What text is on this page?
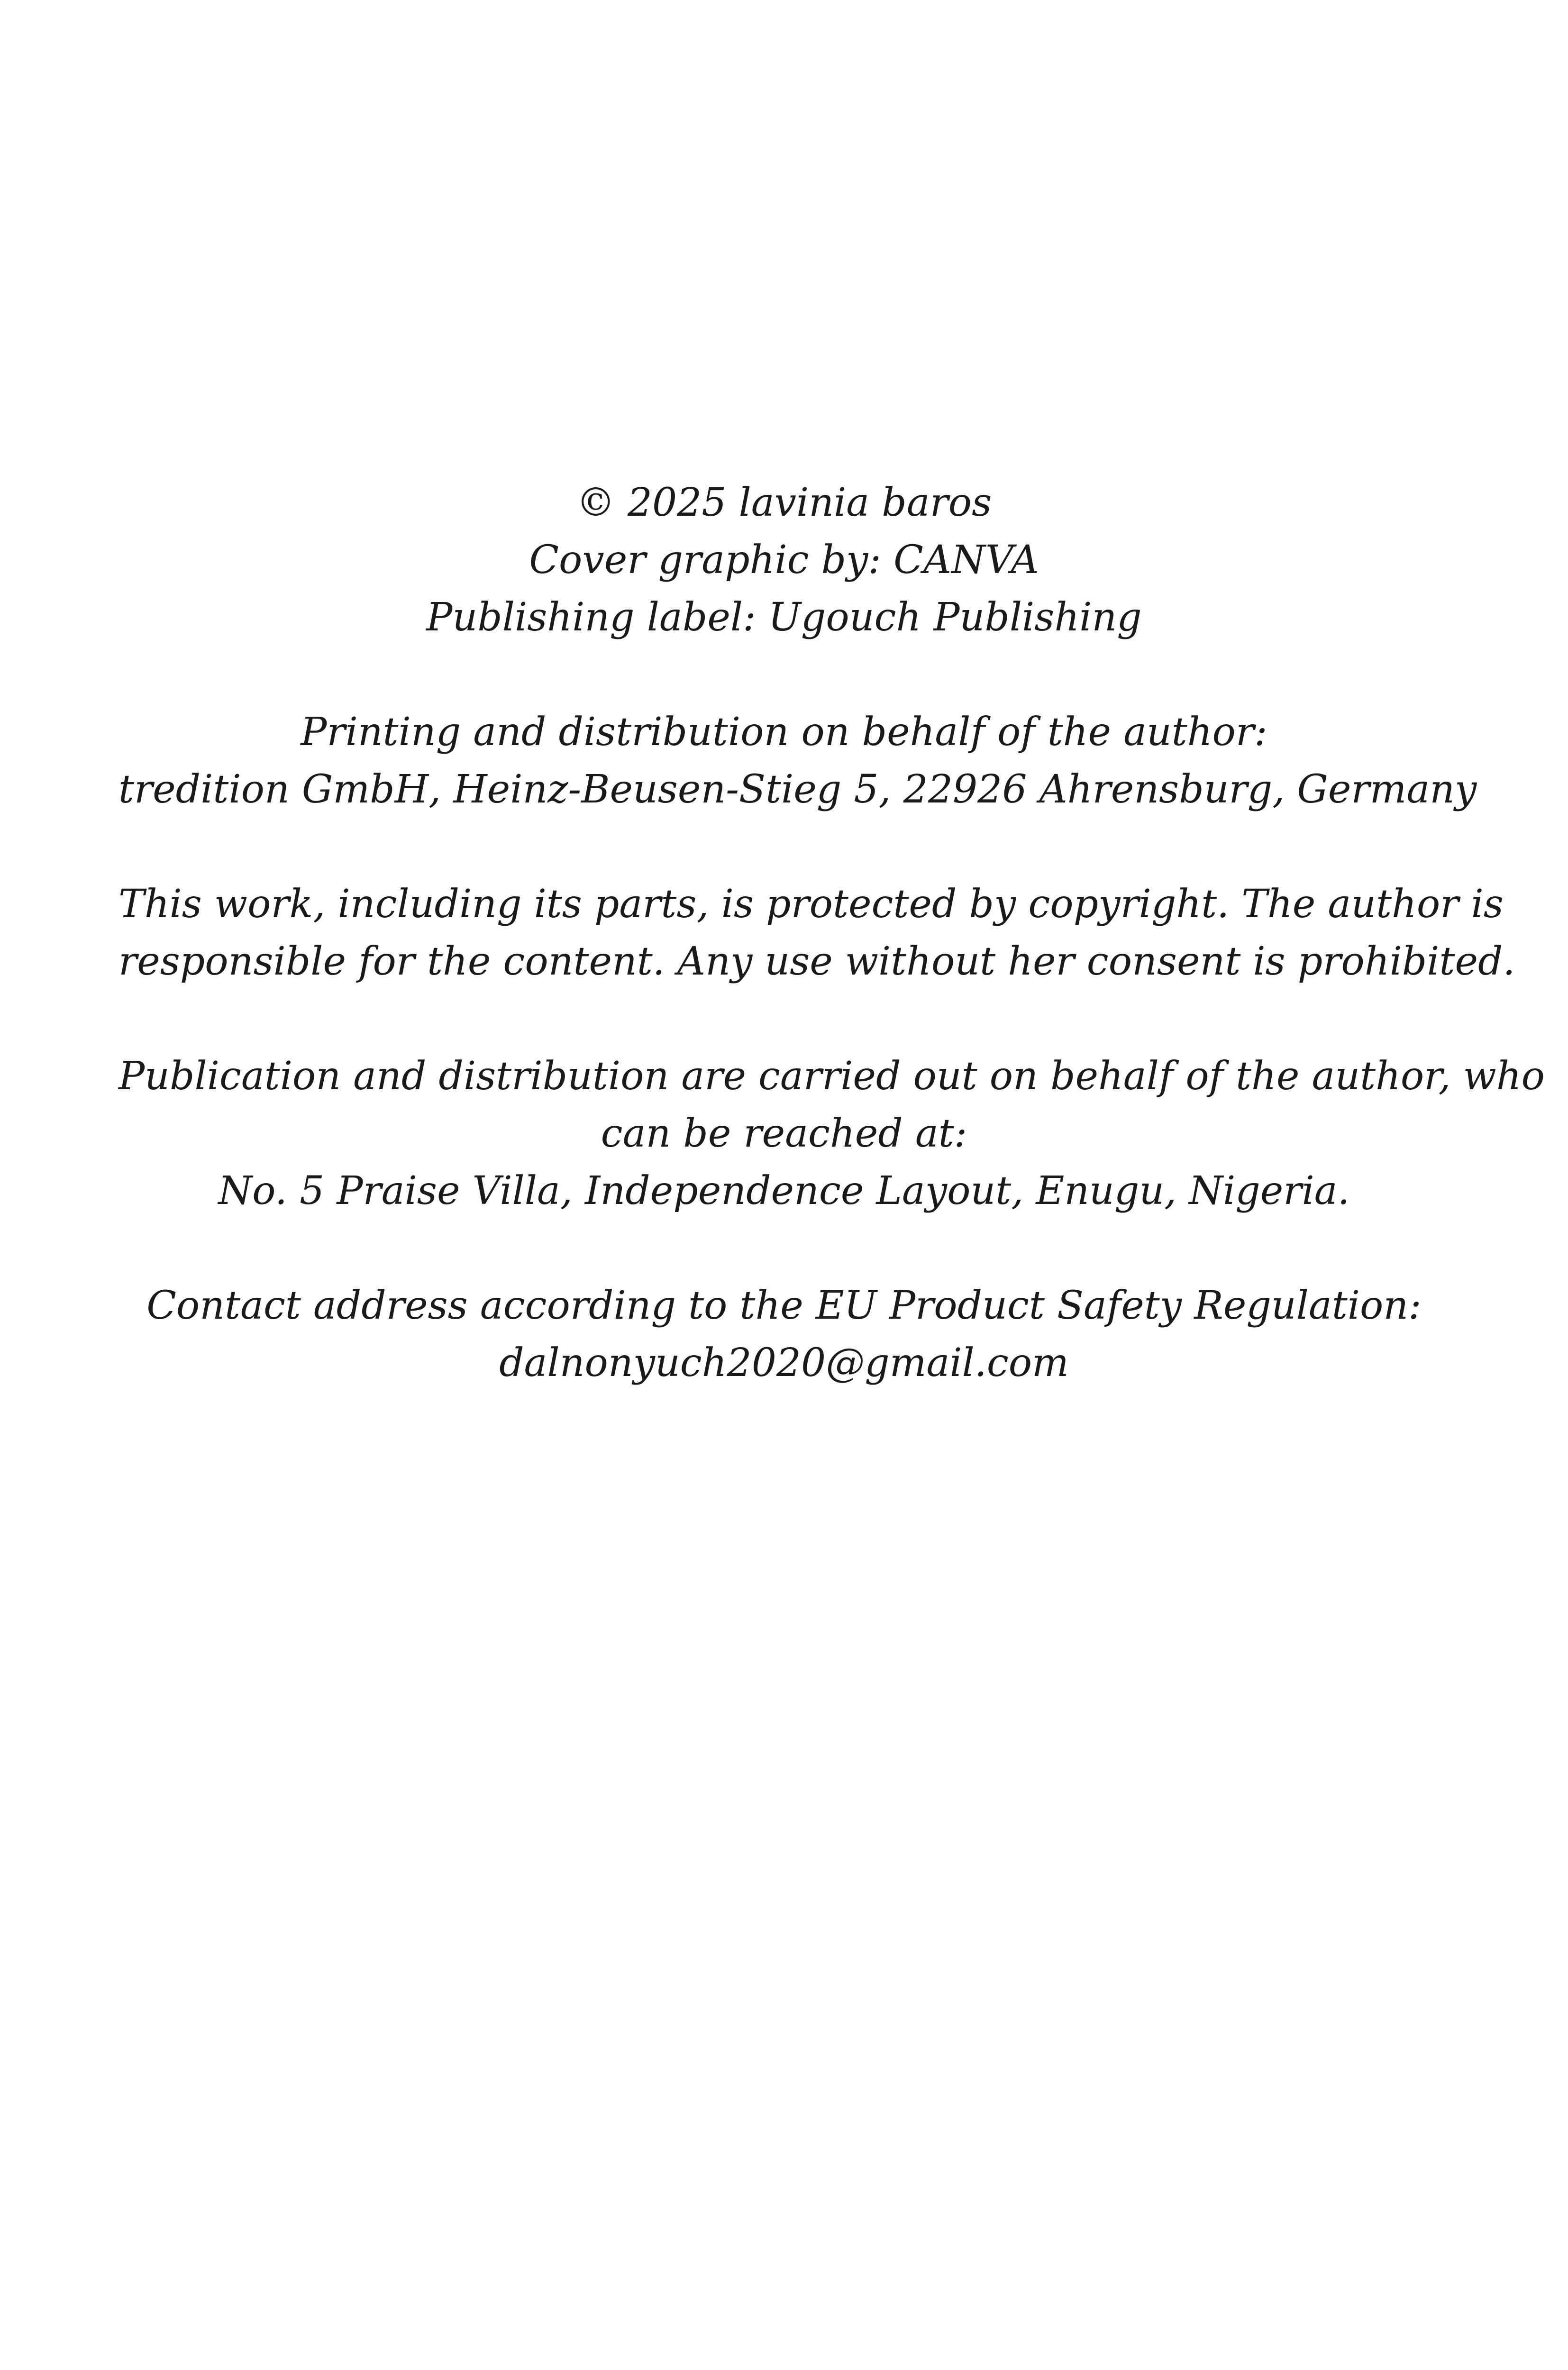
© 2025 lavinia baros
Cover graphic by: CANVA
Publishing label: Ugouch Publishing
Printing and distribution on behalf of the author:
tredition GmbH, Heinz-Beusen-Stieg 5, 22926 Ahrensburg, Germany
This work, including its parts, is protected by copyright. The author is
responsible for the content. Any use without her consent is prohibited.
Publication and distribution are carried out on behalf of the author, who
can be reached at:
No. 5 Praise Villa, Independence Layout, Enugu, Nigeria.
Contact address according to the EU Product Safety Regulation:
dalnonyuch2020@gmail.com
